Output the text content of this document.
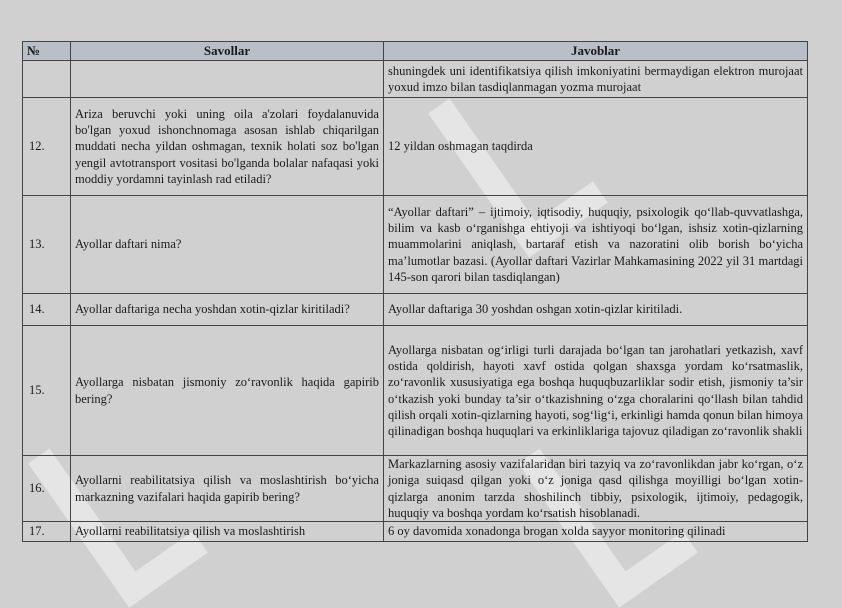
№	Savollar	Javoblar
		shuningdek uni identifikatsiya qilish imkoniyatini bermaydigan elektron murojaat yoxud imzo bilan tasdiqlanmagan yozma murojaat
12.	Ariza beruvchi yoki uning oila a'zolari foydalanuvida bo'lgan yoxud ishonchnomaga asosan ishlab chiqarilgan muddati necha yildan oshmagan, texnik holati soz bo'lgan yengil avtotransport vositasi bo'lganda bolalar nafaqasi yoki moddiy yordamni tayinlash rad etiladi?	12 yildan oshmagan taqdirda
13.	Ayollar daftari nima?	“Ayollar daftari” – ijtimoiy, iqtisodiy, huquqiy, psixologik qo‘llab-quvvatlashga, bilim va kasb o‘rganishga ehtiyoji va ishtiyoqi bo‘lgan, ishsiz xotin-qizlarning muammolarini aniqlash, bartaraf etish va nazoratini olib borish bo‘yicha ma’lumotlar bazasi. (Ayollar daftari Vazirlar Mahkamasining 2022 yil 31 martdagi 145-son qarori bilan tasdiqlangan)
14.	Ayollar daftariga necha yoshdan xotin-qizlar kiritiladi?	Ayollar daftariga 30 yoshdan oshgan xotin-qizlar kiritiladi.
15.	Ayollarga nisbatan jismoniy zo‘ravonlik haqida gapirib bering?	Ayollarga nisbatan og‘irligi turli darajada bo‘lgan tan jarohatlari yetkazish, xavf ostida qoldirish, hayoti xavf ostida qolgan shaxsga yordam ko‘rsatmaslik, zo‘ravonlik xususiyatiga ega boshqa huquqbuzarliklar sodir etish, jismoniy ta’sir o‘tkazish yoki bunday ta’sir o‘tkazishning o‘zga choralarini qo‘llash bilan tahdid qilish orqali xotin-qizlarning hayoti, sog‘lig‘i, erkinligi hamda qonun bilan himoya qilinadigan boshqa huquqlari va erkinliklariga tajovuz qiladigan zo‘ravonlik shakli
16.	Ayollarni reabilitatsiya qilish va moslashtirish bo‘yicha markazning vazifalari haqida gapirib bering?	Markazlarning asosiy vazifalaridan biri tazyiq va zo‘ravonlikdan jabr ko‘rgan, o‘z joniga suiqasd qilgan yoki o‘z joniga qasd qilishga moyilligi bo‘lgan xotin-qizlarga anonim tarzda shoshilinch tibbiy, psixologik, ijtimoiy, pedagogik, huquqiy va boshqa yordam ko‘rsatish hisoblanadi.
17.	Ayollarni reabilitatsiya qilish va moslashtirish	6 oy davomida xonadonga brogan xolda sayyor monitoring qilinadi
